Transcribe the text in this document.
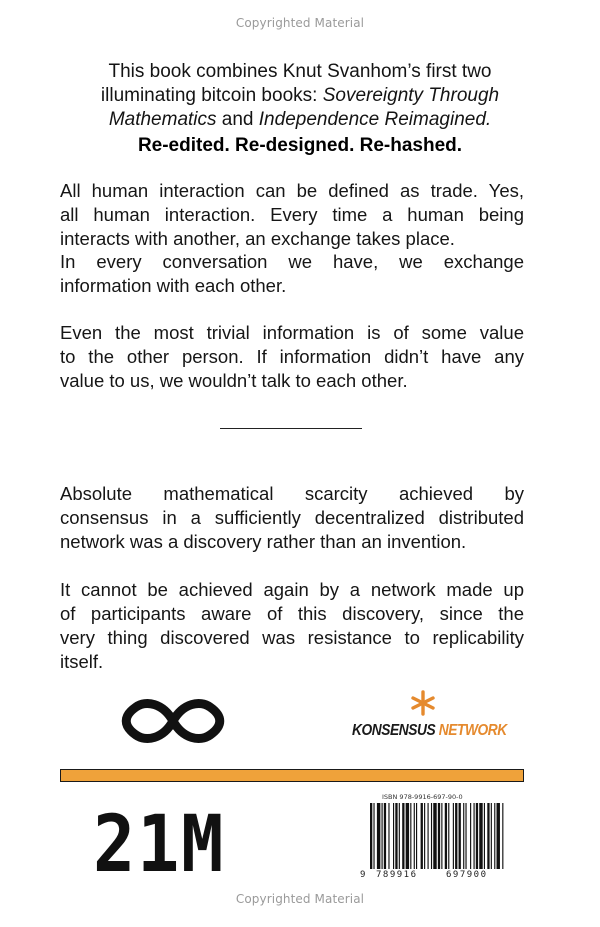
Copyrighted Material
This book combines Knut Svanhom’s first two illuminating bitcoin books: Sovereignty Through Mathematics and Independence Reimagined.
Re-edited. Re-designed. Re-hashed.
All human interaction can be defined as trade. Yes,
all human interaction. Every time a human being
interacts with another, an exchange takes place.
In every conversation we have, we exchange
information with each other.
Even the most trivial information is of some value
to the other person. If information didn’t have any
value to us, we wouldn’t talk to each other.
Absolute mathematical scarcity achieved by
consensus in a sufficiently decentralized distributed
network was a discovery rather than an invention.
It cannot be achieved again by a network made up
of participants aware of this discovery, since the
very thing discovered was resistance to replicability
itself.
KONSENSUS NETWORK
21M
ISBN 978-9916-697-90-0
9 789916	697900
Copyrighted Material
